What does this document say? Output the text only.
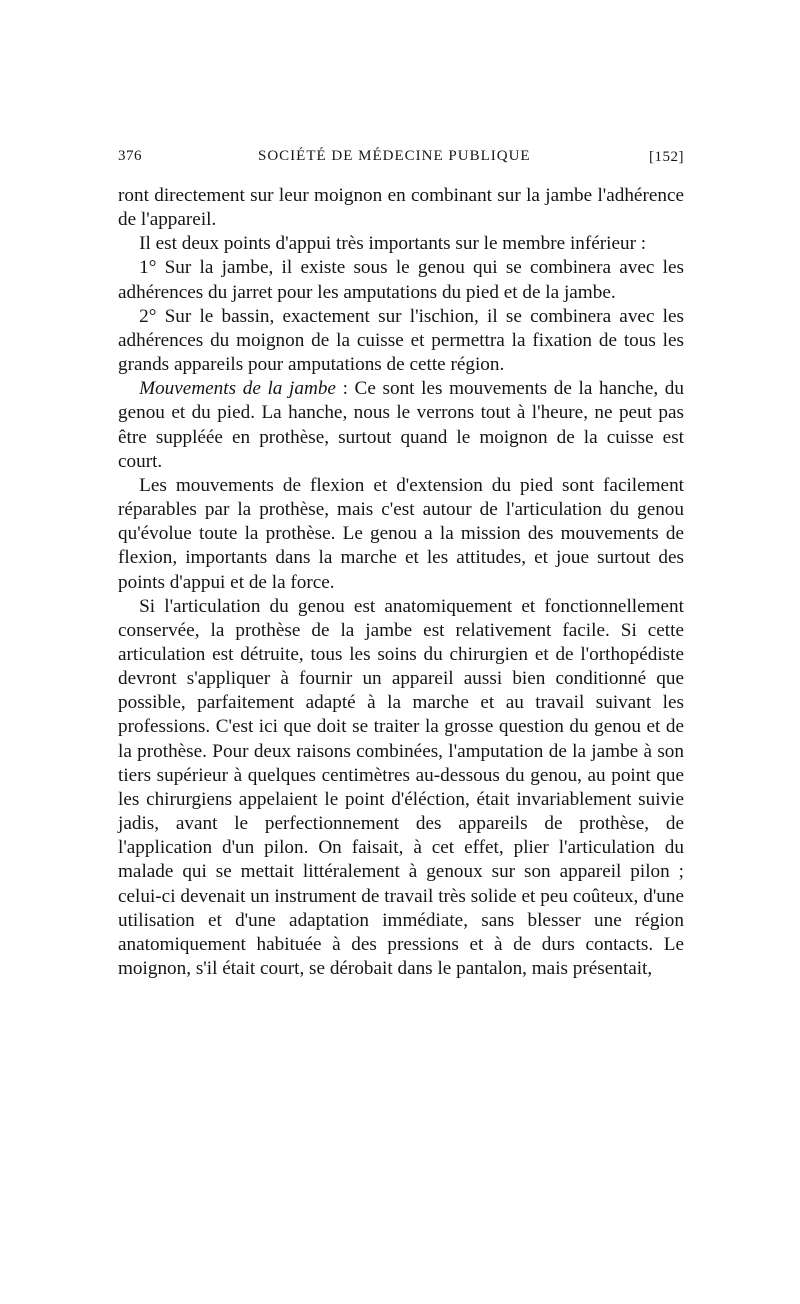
376	SOCIÉTÉ DE MÉDECINE PUBLIQUE	[152]

ront directement sur leur moignon en combinant sur la jambe l'adhérence de l'appareil.

Il est deux points d'appui très importants sur le membre inférieur :

1° Sur la jambe, il existe sous le genou qui se combinera avec les adhérences du jarret pour les amputations du pied et de la jambe.

2° Sur le bassin, exactement sur l'ischion, il se combinera avec les adhérences du moignon de la cuisse et permettra la fixation de tous les grands appareils pour amputations de cette région.

Mouvements de la jambe : Ce sont les mouvements de la hanche, du genou et du pied. La hanche, nous le verrons tout à l'heure, ne peut pas être suppléée en prothèse, surtout quand le moignon de la cuisse est court.

Les mouvements de flexion et d'extension du pied sont facilement réparables par la prothèse, mais c'est autour de l'articulation du genou qu'évolue toute la prothèse. Le genou a la mission des mouvements de flexion, importants dans la marche et les attitudes, et joue surtout des points d'appui et de la force.

Si l'articulation du genou est anatomiquement et fonctionnellement conservée, la prothèse de la jambe est relativement facile. Si cette articulation est détruite, tous les soins du chirurgien et de l'orthopédiste devront s'appliquer à fournir un appareil aussi bien conditionné que possible, parfaitement adapté à la marche et au travail suivant les professions. C'est ici que doit se traiter la grosse question du genou et de la prothèse. Pour deux raisons combinées, l'amputation de la jambe à son tiers supérieur à quelques centimètres au-dessous du genou, au point que les chirurgiens appelaient le point d'éléction, était invariablement suivie jadis, avant le perfectionnement des appareils de prothèse, de l'application d'un pilon. On faisait, à cet effet, plier l'articulation du malade qui se mettait littéralement à genoux sur son appareil pilon ; celui-ci devenait un instrument de travail très solide et peu coûteux, d'une utilisation et d'une adaptation immédiate, sans blesser une région anatomiquement habituée à des pressions et à de durs contacts. Le moignon, s'il était court, se dérobait dans le pantalon, mais présentait,
